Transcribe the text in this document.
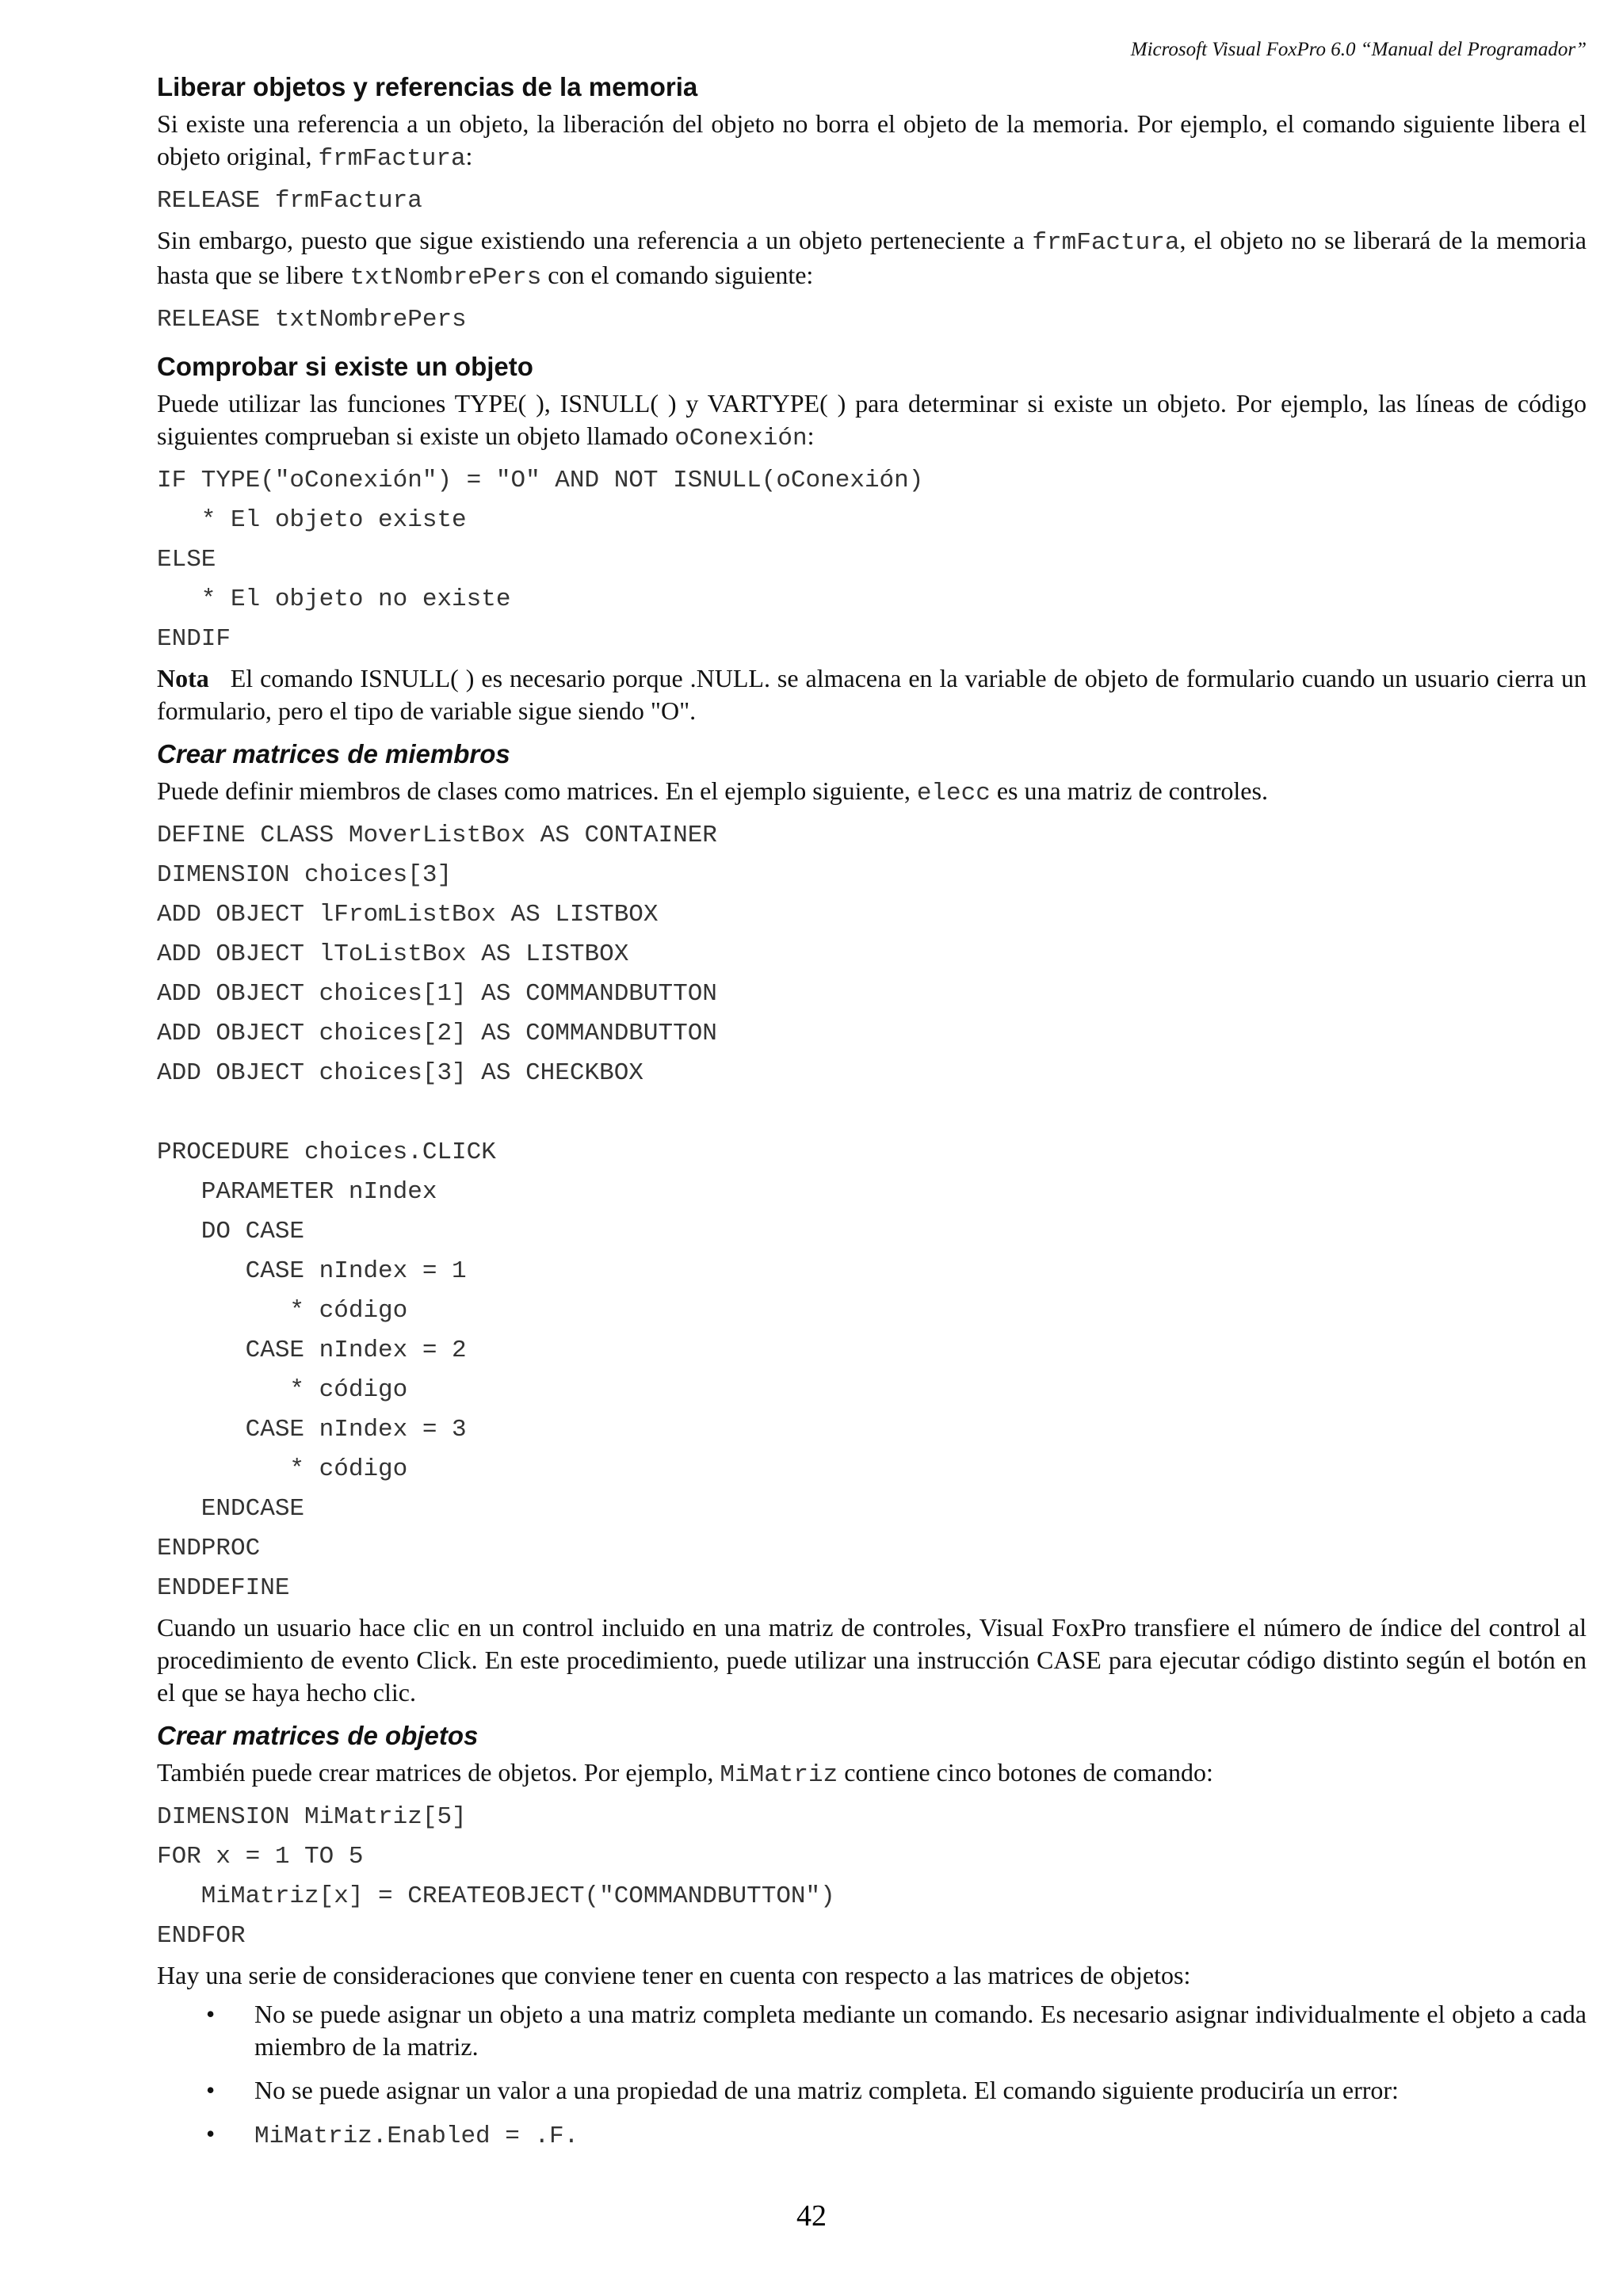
Microsoft Visual FoxPro 6.0 “Manual del Programador”
Liberar objetos y referencias de la memoria

Si existe una referencia a un objeto, la liberación del objeto no borra el objeto de la memoria. Por ejemplo, el comando siguiente libera el objeto original, frmFactura:

RELEASE frmFactura

Sin embargo, puesto que sigue existiendo una referencia a un objeto perteneciente a frmFactura, el objeto no se liberará de la memoria hasta que se libere txtNombrePers con el comando siguiente:

RELEASE txtNombrePers
Comprobar si existe un objeto

Puede utilizar las funciones TYPE( ), ISNULL( ) y VARTYPE( ) para determinar si existe un objeto. Por ejemplo, las líneas de código siguientes comprueban si existe un objeto llamado oConexión:

IF TYPE("oConexión") = "O" AND NOT ISNULL(oConexión)
* El objeto existe
ELSE
* El objeto no existe
ENDIF

Nota El comando ISNULL( ) es necesario porque .NULL. se almacena en la variable de objeto de formulario cuando un usuario cierra un formulario, pero el tipo de variable sigue siendo "O".

Crear matrices de miembros

Puede definir miembros de clases como matrices. En el ejemplo siguiente, elecc es una matriz de controles.

DEFINE CLASS MoverListBox AS CONTAINER
DIMENSION choices[3]
ADD OBJECT lFromListBox AS LISTBOX
ADD OBJECT lToListBox AS LISTBOX
ADD OBJECT choices[1] AS COMMANDBUTTON
ADD OBJECT choices[2] AS COMMANDBUTTON
ADD OBJECT choices[3] AS CHECKBOX

PROCEDURE choices.CLICK
PARAMETER nIndex
DO CASE
CASE nIndex = 1
* código
CASE nIndex = 2
* código
CASE nIndex = 3
* código
ENDCASE
ENDPROC
ENDDEFINE

Cuando un usuario hace clic en un control incluido en una matriz de controles, Visual FoxPro transfiere el número de índice del control al procedimiento de evento Click. En este procedimiento, puede utilizar una instrucción CASE para ejecutar código distinto según el botón en el que se haya hecho clic.

Crear matrices de objetos

También puede crear matrices de objetos. Por ejemplo, MiMatriz contiene cinco botones de comando:

DIMENSION MiMatriz[5]
FOR x = 1 TO 5
MiMatriz[x] = CREATEOBJECT("COMMANDBUTTON")
ENDFOR

Hay una serie de consideraciones que conviene tener en cuenta con respecto a las matrices de objetos:

• No se puede asignar un objeto a una matriz completa mediante un comando. Es necesario asignar individualmente el objeto a cada miembro de la matriz.
• No se puede asignar un valor a una propiedad de una matriz completa. El comando siguiente produciría un error:
• MiMatriz.Enabled = .F.
42
